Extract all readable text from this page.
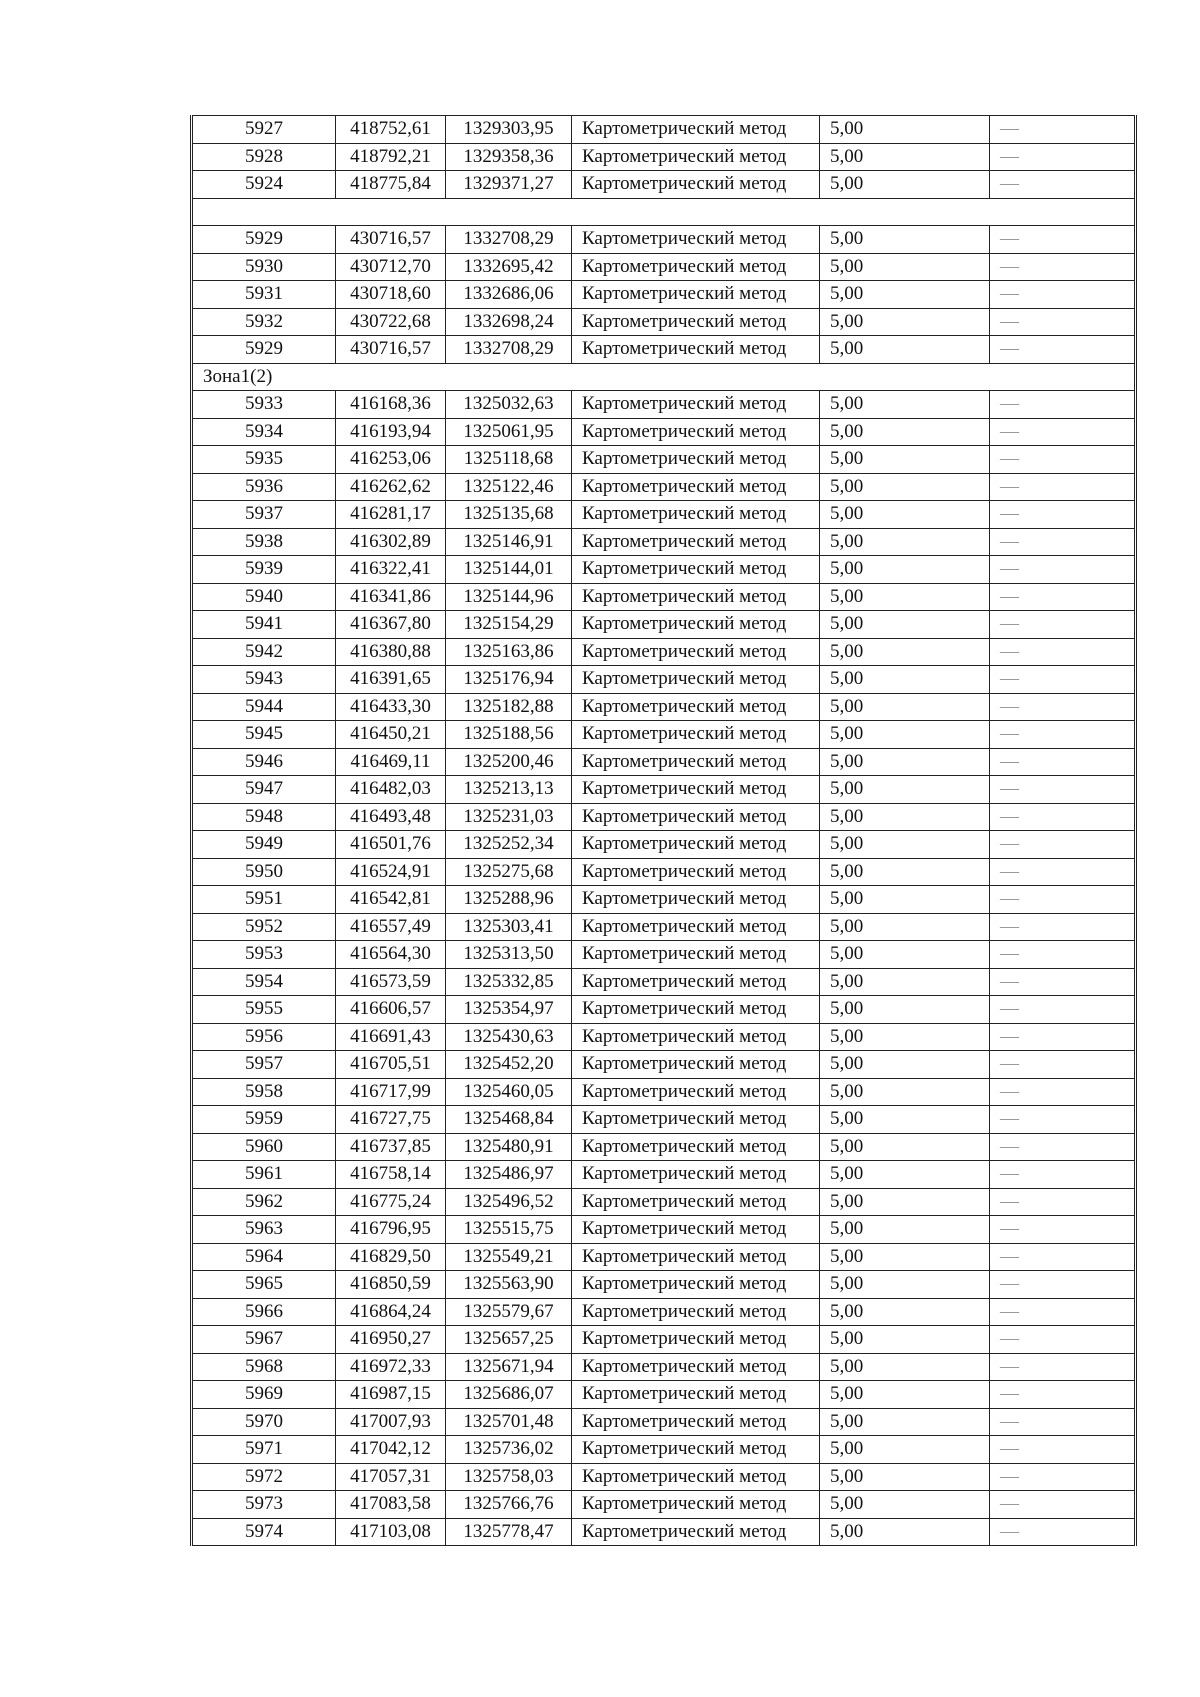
5927	418752,61	1329303,95	Картометрический метод	5,00	—
5928	418792,21	1329358,36	Картометрический метод	5,00	—
5924	418775,84	1329371,27	Картометрический метод	5,00	—

5929	430716,57	1332708,29	Картометрический метод	5,00	—
5930	430712,70	1332695,42	Картометрический метод	5,00	—
5931	430718,60	1332686,06	Картометрический метод	5,00	—
5932	430722,68	1332698,24	Картометрический метод	5,00	—
5929	430716,57	1332708,29	Картометрический метод	5,00	—
Зона1(2)					
5933	416168,36	1325032,63	Картометрический метод	5,00	—
5934	416193,94	1325061,95	Картометрический метод	5,00	—
5935	416253,06	1325118,68	Картометрический метод	5,00	—
5936	416262,62	1325122,46	Картометрический метод	5,00	—
5937	416281,17	1325135,68	Картометрический метод	5,00	—
5938	416302,89	1325146,91	Картометрический метод	5,00	—
5939	416322,41	1325144,01	Картометрический метод	5,00	—
5940	416341,86	1325144,96	Картометрический метод	5,00	—
5941	416367,80	1325154,29	Картометрический метод	5,00	—
5942	416380,88	1325163,86	Картометрический метод	5,00	—
5943	416391,65	1325176,94	Картометрический метод	5,00	—
5944	416433,30	1325182,88	Картометрический метод	5,00	—
5945	416450,21	1325188,56	Картометрический метод	5,00	—
5946	416469,11	1325200,46	Картометрический метод	5,00	—
5947	416482,03	1325213,13	Картометрический метод	5,00	—
5948	416493,48	1325231,03	Картометрический метод	5,00	—
5949	416501,76	1325252,34	Картометрический метод	5,00	—
5950	416524,91	1325275,68	Картометрический метод	5,00	—
5951	416542,81	1325288,96	Картометрический метод	5,00	—
5952	416557,49	1325303,41	Картометрический метод	5,00	—
5953	416564,30	1325313,50	Картометрический метод	5,00	—
5954	416573,59	1325332,85	Картометрический метод	5,00	—
5955	416606,57	1325354,97	Картометрический метод	5,00	—
5956	416691,43	1325430,63	Картометрический метод	5,00	—
5957	416705,51	1325452,20	Картометрический метод	5,00	—
5958	416717,99	1325460,05	Картометрический метод	5,00	—
5959	416727,75	1325468,84	Картометрический метод	5,00	—
5960	416737,85	1325480,91	Картометрический метод	5,00	—
5961	416758,14	1325486,97	Картометрический метод	5,00	—
5962	416775,24	1325496,52	Картометрический метод	5,00	—
5963	416796,95	1325515,75	Картометрический метод	5,00	—
5964	416829,50	1325549,21	Картометрический метод	5,00	—
5965	416850,59	1325563,90	Картометрический метод	5,00	—
5966	416864,24	1325579,67	Картометрический метод	5,00	—
5967	416950,27	1325657,25	Картометрический метод	5,00	—
5968	416972,33	1325671,94	Картометрический метод	5,00	—
5969	416987,15	1325686,07	Картометрический метод	5,00	—
5970	417007,93	1325701,48	Картометрический метод	5,00	—
5971	417042,12	1325736,02	Картометрический метод	5,00	—
5972	417057,31	1325758,03	Картометрический метод	5,00	—
5973	417083,58	1325766,76	Картометрический метод	5,00	—
5974	417103,08	1325778,47	Картометрический метод	5,00	—
